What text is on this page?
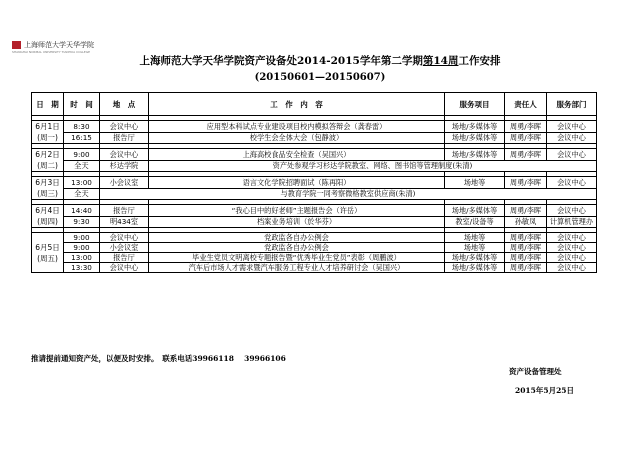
上海师范大学天华学院
SHANGHAI NORMAL UNIVERSITY TIANHUA COLLEGE
上海师范大学天华学院资产设备处2014-2015学年第二学期第14周工作安排
(20150601—20150607)
日　期	时　间	地　点	工　作　内　容	服务项目	责任人	服务部门

6月1日
(周一)	8:30	会议中心	应用型本科试点专业建设项目校内模拟答辩会（龚春雷）	场地/多媒体等	周勇/李晖	会议中心
	16:15	报告厅	校学生会全体大会（包静波）	场地/多媒体等	周勇/李晖	会议中心

6月2日
(周二)	9:00	会议中心	上海高校食品安全检查（吴国兴）	场地/多媒体等	周勇/李晖	会议中心
	全天	杉达学院	资产处参观学习杉达学院教室、网络、图书馆等管理制度(朱清)			

6月3日
(周三)	13:00	小会议室	语言文化学院招聘面试（陈再阳）	场地等	周勇/李晖	会议中心
	全天	与教育学院一同考察微格教室供应商(朱清)				

6月4日
(周四)	14:40	报告厅	“我心目中的好老师”主题报告会（许岳）	场地/多媒体等	周勇/李晖	会议中心
	9:30	明434室	档案业务培训（於华芬）	教室/设备等	孙敏凤	计算机管理办

6月5日
(周五)	9:00	会议中心	党政监各自办公例会	场地等	周勇/李晖	会议中心
	9:00	小会议室	党政监各自办公例会	场地等	周勇/李晖	会议中心
	13:00	报告厅	毕业生党员文明离校专题报告暨“优秀毕业生党员”表彰（周鹏波）	场地/多媒体等	周勇/李晖	会议中心
	13:30	会议中心	汽车后市场人才需求暨汽车服务工程专业人才培养研讨会（吴国兴）	场地/多媒体等	周勇/李晖	会议中心
推请提前通知资产处，以便及时安排。　联系电话39966118　 39966106
资产设备管理处
2015年5月25日
